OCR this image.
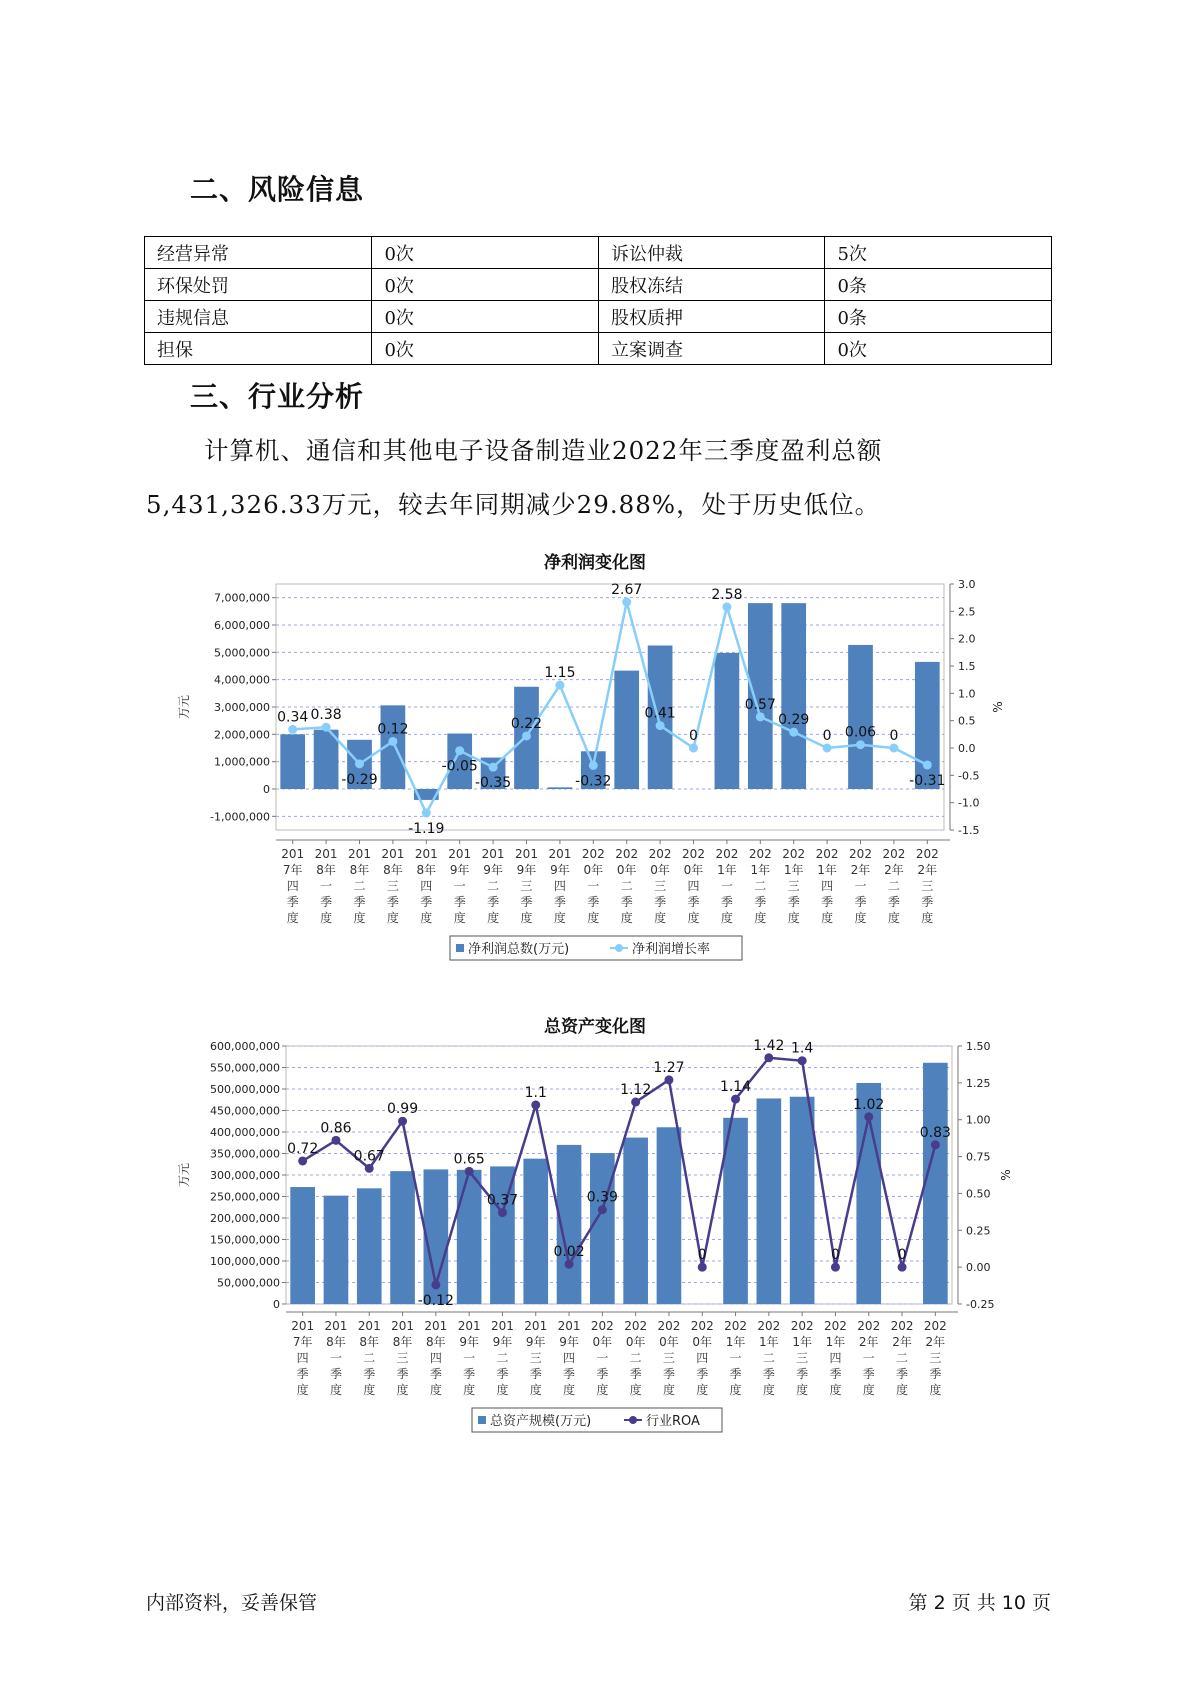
二、风险信息
经营异常	0次	诉讼仲裁	5次
环保处罚	0次	股权冻结	0条
违规信息	0次	股权质押	0条
担保	0次	立案调查	0次
三、行业分析

计算机、通信和其他电子设备制造业2022年三季度盈利总额

5,431,326.33万元，较去年同期减少29.88%，处于历史低位。

净利润变化图
7,000,000
6,000,000
5,000,000
4,000,000
3,000,000
2,000,000
1,000,000
0
-1,000,000
3.0
2.5
2.0
1.5
1.0
0.5
0.0
-0.5
-1.0
-1.5
万元	%
0.34 0.38
-0.29
0.12
-1.19
-0.05
-0.35
0.22
1.15
-0.32
2.67
0.41
0
2.58
0.57
0.29
0 0.06 0
-0.31
201
7年
四
季
度
201
8年
一
季
度
201
8年
二
季
度
201
8年
三
季
度
201
8年
四
季
度
201
9年
一
季
度
201
9年
二
季
度
201
9年
三
季
度
201
9年
四
季
度
202
0年
一
季
度
202
0年
二
季
度
202
0年
三
季
度
202
0年
四
季
度
202
1年
一
季
度
202
1年
二
季
度
202
1年
三
季
度
202
1年
四
季
度
202
2年
一
季
度
202
2年
二
季
度
202
2年
三
季
度
净利润总数(万元)	净利润增长率
总资产变化图
600,000,000
550,000,000
500,000,000
450,000,000
400,000,000
350,000,000
300,000,000
250,000,000
200,000,000
150,000,000
100,000,000
50,000,000
0
1.50
1.25
1.00
0.75
0.50
0.25
0.00
-0.25
万元	%
0.72
0.86
0.67
0.99
-0.12
0.65
0.37
1.1
0.02
0.39
1.12
1.27
0
1.14
1.42 1.4
0
1.02
0
0.83
201
7年
四
季
度
201
8年
一
季
度
201
8年
二
季
度
201
8年
三
季
度
201
8年
四
季
度
201
9年
一
季
度
201
9年
二
季
度
201
9年
三
季
度
201
9年
四
季
度
202
0年
一
季
度
202
0年
二
季
度
202
0年
三
季
度
202
0年
四
季
度
202
1年
一
季
度
202
1年
二
季
度
202
1年
三
季
度
202
1年
四
季
度
202
2年
一
季
度
202
2年
二
季
度
202
2年
三
季
度
总资产规模(万元)	行业ROA
内部资料，妥善保管	第 2 页 共 10 页
